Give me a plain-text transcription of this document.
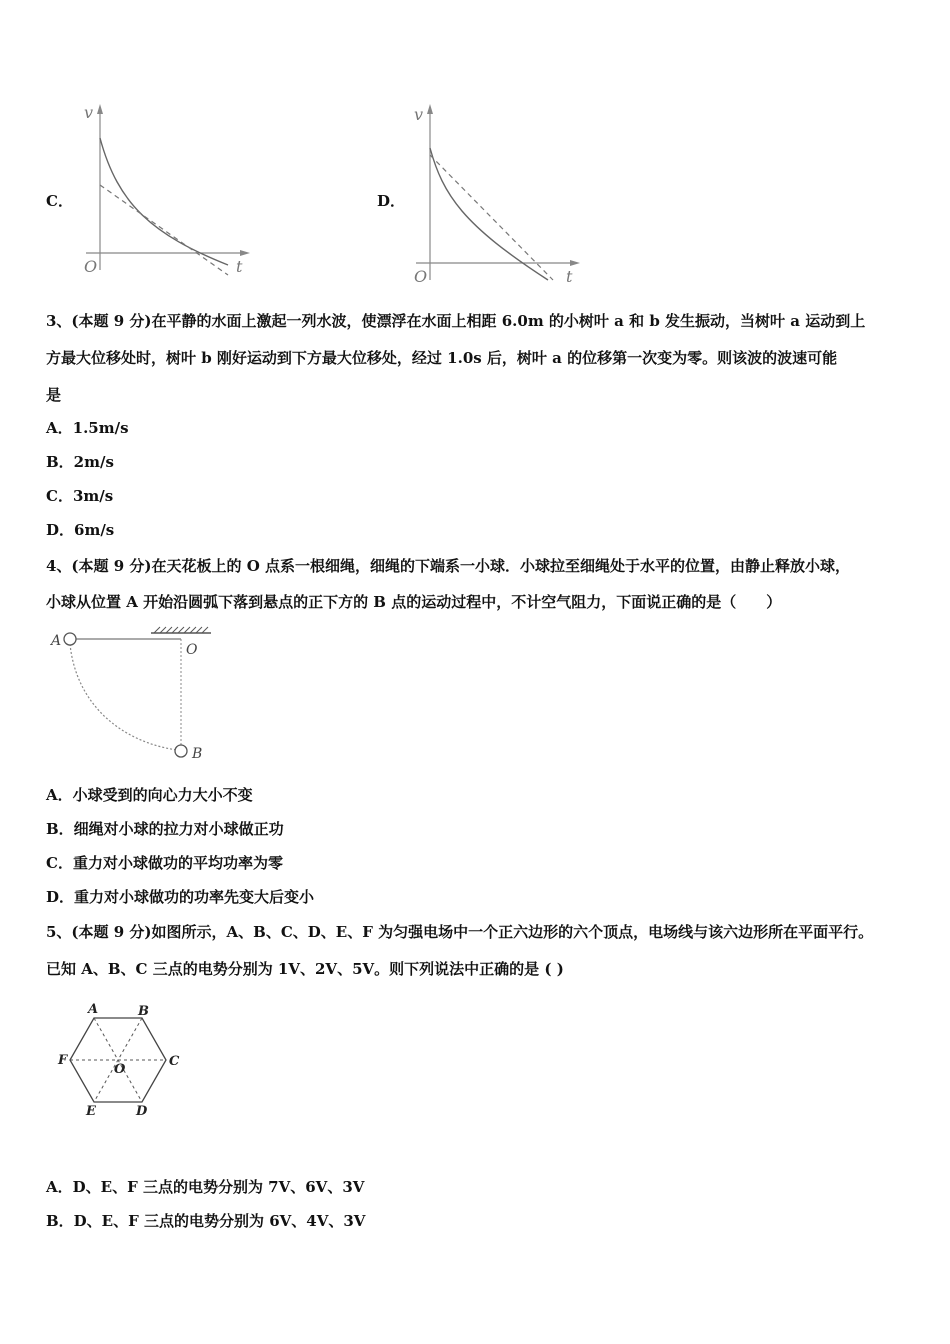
C．
v
t
O
D．
v
t
O
3、(本题 9 分)在平静的水面上激起一列水波，使漂浮在水面上相距 6.0m 的小树叶 a 和 b 发生振动，当树叶 a 运动到上
方最大位移处时，树叶 b 刚好运动到下方最大位移处，经过 1.0s 后，树叶 a 的位移第一次变为零。则该波的波速可能
是
A．1.5m/s
B．2m/s
C．3m/s
D．6m/s
4、(本题 9 分)在天花板上的 O 点系一根细绳，细绳的下端系一小球．小球拉至细绳处于水平的位置，由静止释放小球，
小球从位置 A 开始沿圆弧下落到悬点的正下方的 B 点的运动过程中，不计空气阻力，下面说正确的是（　　）
A
O
B
A．小球受到的向心力大小不变
B．细绳对小球的拉力对小球做正功
C．重力对小球做功的平均功率为零
D．重力对小球做功的功率先变大后变小
5、(本题 9 分)如图所示，A、B、C、D、E、F 为匀强电场中一个正六边形的六个顶点，电场线与该六边形所在平面平行。
已知 A、B、C 三点的电势分别为 1V、2V、5V。则下列说法中正确的是 ( )
A	B
C
D
E
F
O
A．D、E、F 三点的电势分别为 7V、6V、3V
B．D、E、F 三点的电势分别为 6V、4V、3V
